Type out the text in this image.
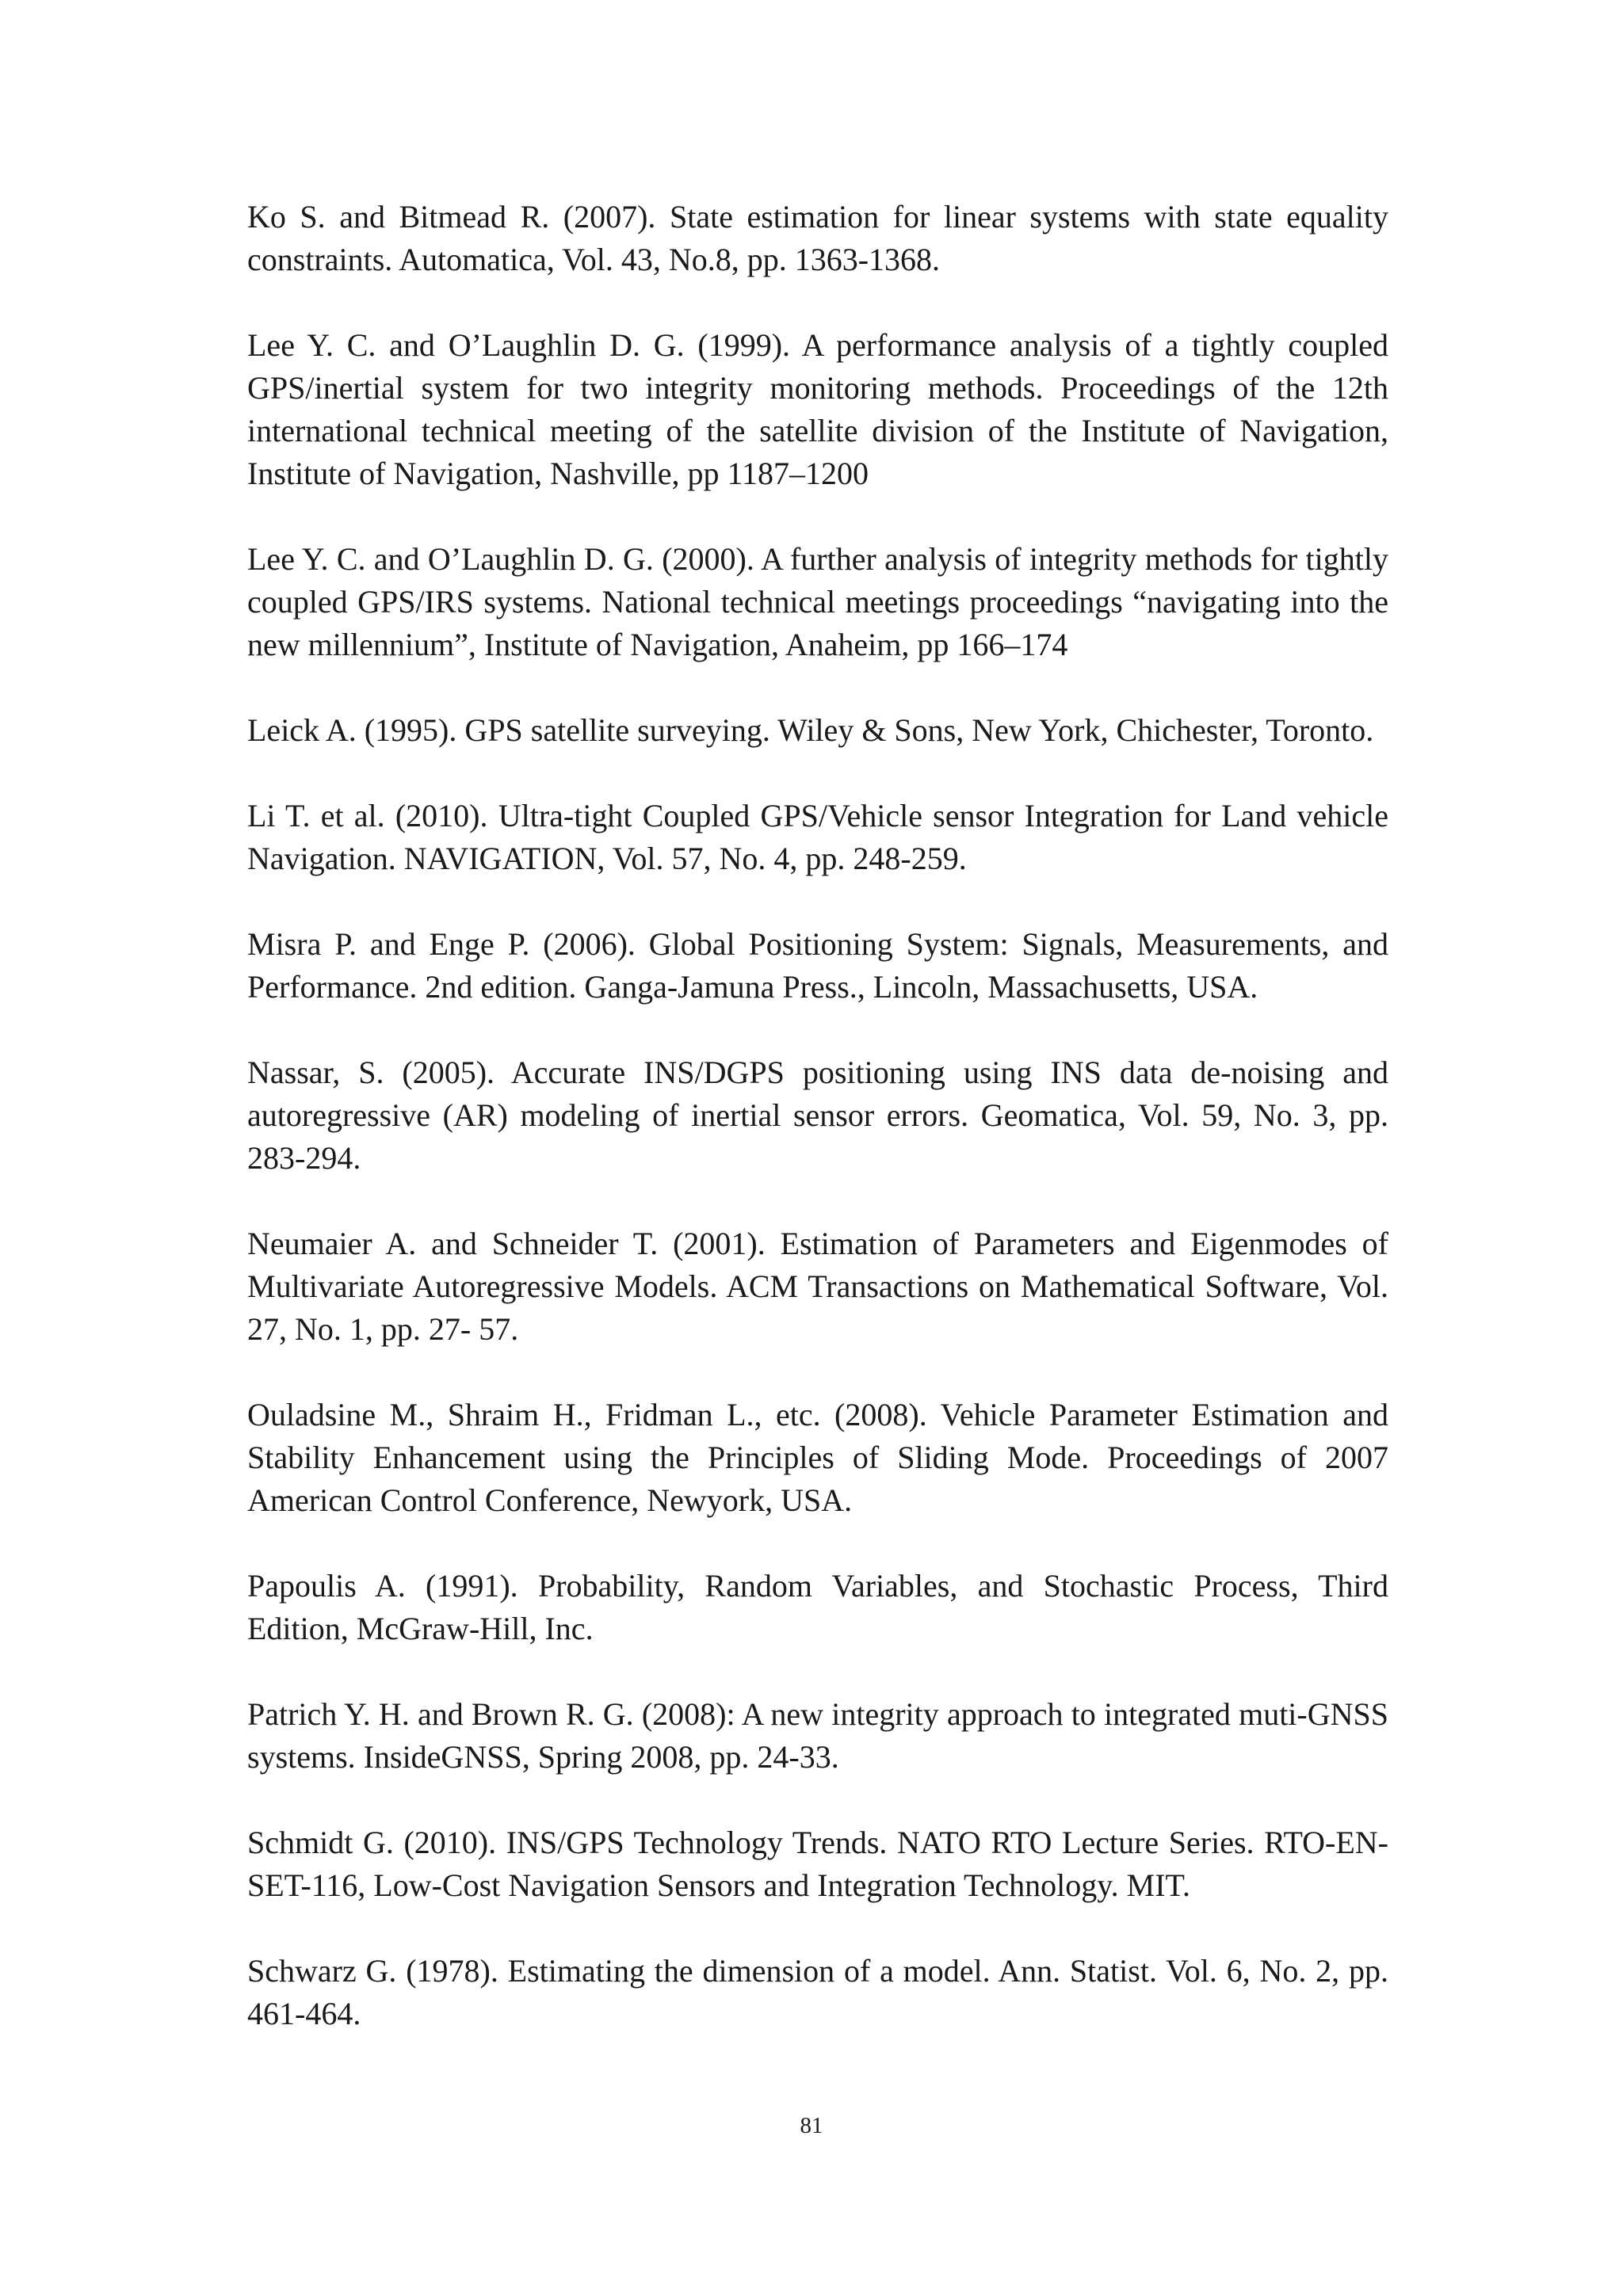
Ko S. and Bitmead R. (2007). State estimation for linear systems with state equality constraints. Automatica, Vol. 43, No.8, pp. 1363-1368.
Lee Y. C. and O’Laughlin D. G. (1999). A performance analysis of a tightly coupled GPS/inertial system for two integrity monitoring methods. Proceedings of the 12th international technical meeting of the satellite division of the Institute of Navigation, Institute of Navigation, Nashville, pp 1187–1200
Lee Y. C. and O’Laughlin D. G. (2000). A further analysis of integrity methods for tightly coupled GPS/IRS systems. National technical meetings proceedings “navigating into the new millennium”, Institute of Navigation, Anaheim, pp 166–174
Leick A. (1995). GPS satellite surveying. Wiley & Sons, New York, Chichester, Toronto.
Li T. et al. (2010). Ultra-tight Coupled GPS/Vehicle sensor Integration for Land vehicle Navigation. NAVIGATION, Vol. 57, No. 4, pp. 248-259.
Misra P. and Enge P. (2006). Global Positioning System: Signals, Measurements, and Performance. 2nd edition. Ganga-Jamuna Press., Lincoln, Massachusetts, USA.
Nassar, S. (2005). Accurate INS/DGPS positioning using INS data de-noising and autoregressive (AR) modeling of inertial sensor errors. Geomatica, Vol. 59, No. 3, pp. 283-294.
Neumaier A. and Schneider T. (2001). Estimation of Parameters and Eigenmodes of Multivariate Autoregressive Models. ACM Transactions on Mathematical Software, Vol. 27, No. 1, pp. 27- 57.
Ouladsine M., Shraim H., Fridman L., etc. (2008). Vehicle Parameter Estimation and Stability Enhancement using the Principles of Sliding Mode. Proceedings of 2007 American Control Conference, Newyork, USA.
Papoulis A. (1991). Probability, Random Variables, and Stochastic Process, Third Edition, McGraw-Hill, Inc.
Patrich Y. H. and Brown R. G. (2008): A new integrity approach to integrated muti-GNSS systems. InsideGNSS, Spring 2008, pp. 24-33.
Schmidt G. (2010). INS/GPS Technology Trends. NATO RTO Lecture Series. RTO-EN-SET-116, Low-Cost Navigation Sensors and Integration Technology. MIT.
Schwarz G. (1978). Estimating the dimension of a model. Ann. Statist. Vol. 6, No. 2, pp. 461-464.
81
